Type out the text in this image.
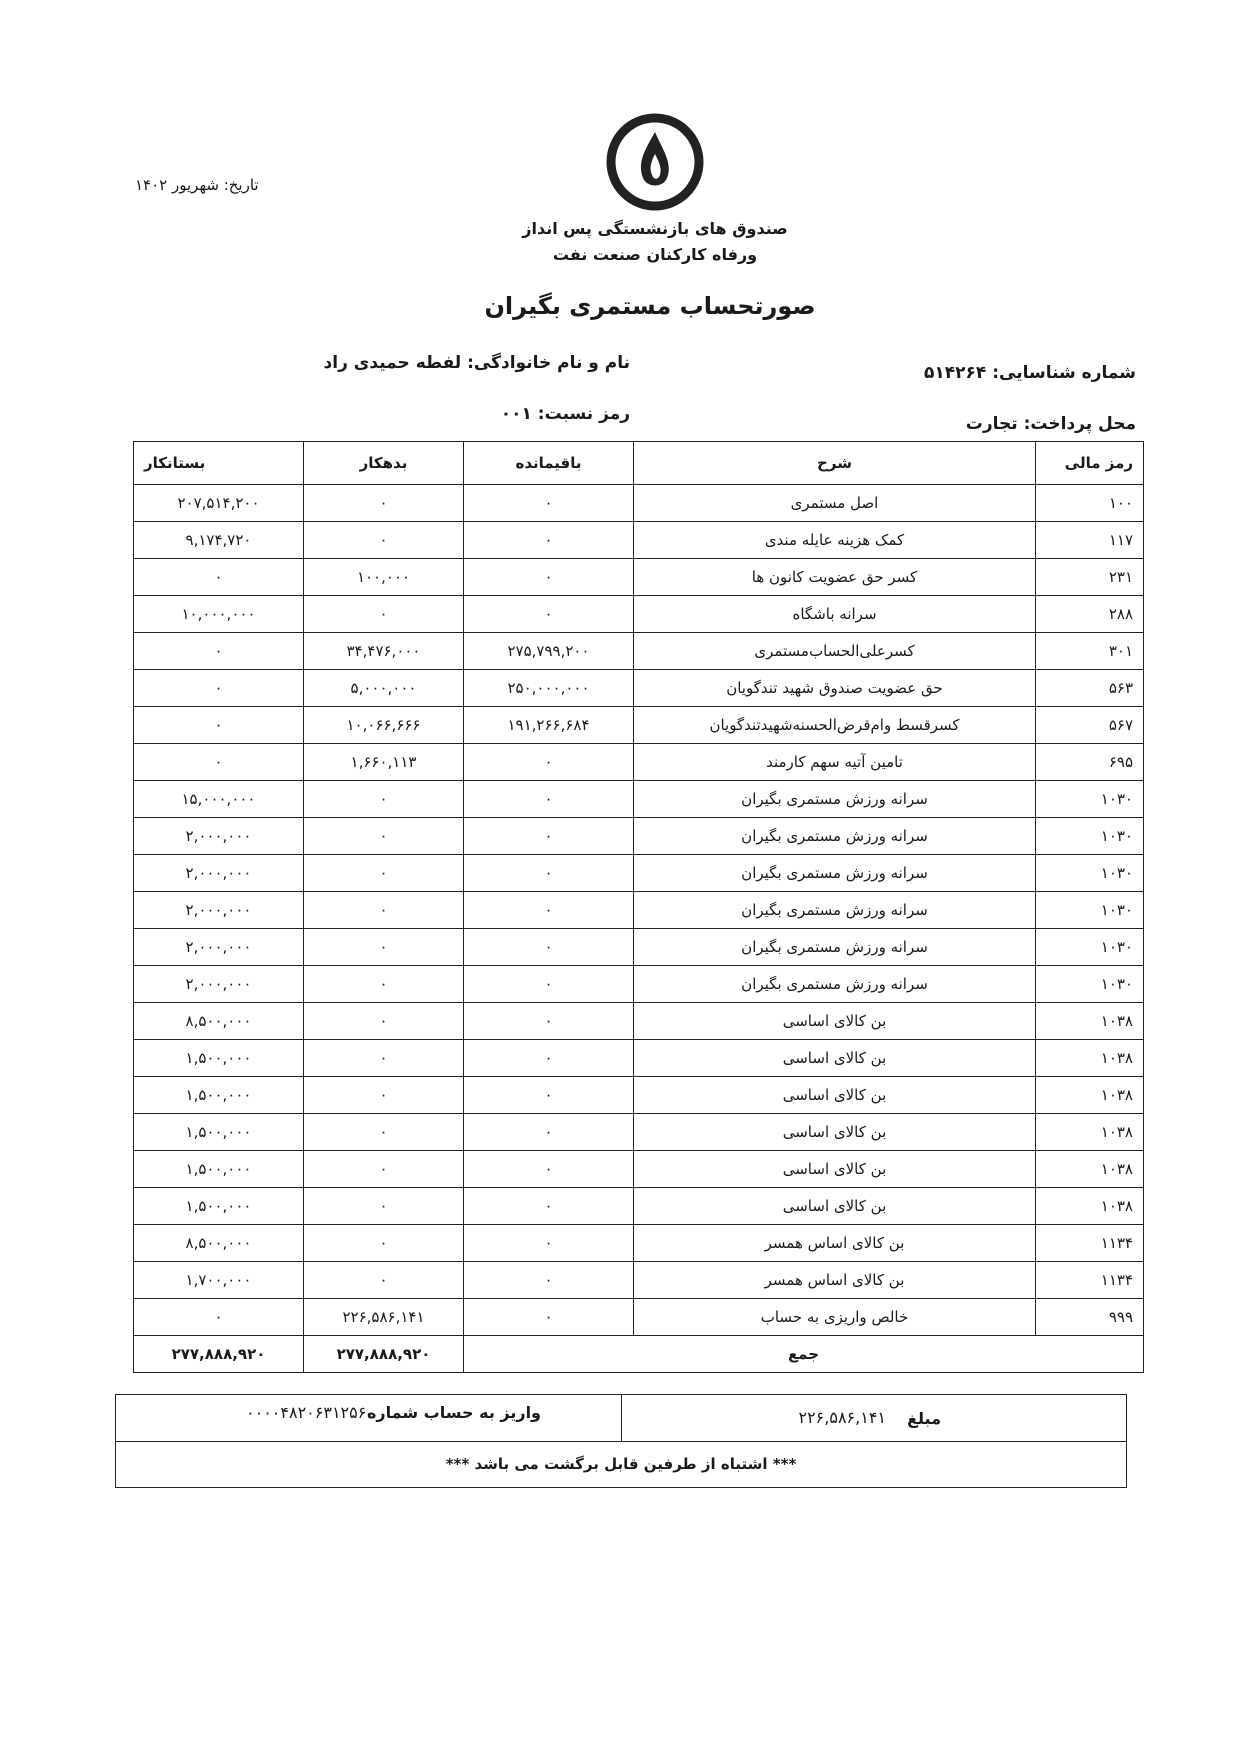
تاریخ: شهریور ۱۴۰۲
صندوق های بازنشستگی پس انداز
ورفاه کارکنان صنعت نفت
صورتحساب مستمری بگیران
شماره شناسایی: ۵۱۴۲۶۴
محل پرداخت: تجارت
نام و نام خانوادگی: لفطه حمیدی راد
رمز نسبت: ۰۰۱
رمز مالی	شرح	باقیمانده	بدهکار	بستانکار
۱۰۰	اصل مستمری	۰	۰	۲۰۷,۵۱۴,۲۰۰
۱۱۷	کمک هزینه عایله مندی	۰	۰	۹,۱۷۴,۷۲۰
۲۳۱	کسر حق عضویت کانون ها	۰	۱۰۰,۰۰۰	۰
۲۸۸	سرانه باشگاه	۰	۰	۱۰,۰۰۰,۰۰۰
۳۰۱	کسرعلی‌الحساب‌مستمری	۲۷۵,۷۹۹,۲۰۰	۳۴,۴۷۶,۰۰۰	۰
۵۶۳	حق عضویت صندوق شهید تندگویان	۲۵۰,۰۰۰,۰۰۰	۵,۰۰۰,۰۰۰	۰
۵۶۷	کسرقسط وام‌قرض‌الحسنه‌شهیدتندگویان	۱۹۱,۲۶۶,۶۸۴	۱۰,۰۶۶,۶۶۶	۰
۶۹۵	تامین آتیه سهم کارمند	۰	۱,۶۶۰,۱۱۳	۰
۱۰۳۰	سرانه ورزش مستمری بگیران	۰	۰	۱۵,۰۰۰,۰۰۰
۱۰۳۰	سرانه ورزش مستمری بگیران	۰	۰	۲,۰۰۰,۰۰۰
۱۰۳۰	سرانه ورزش مستمری بگیران	۰	۰	۲,۰۰۰,۰۰۰
۱۰۳۰	سرانه ورزش مستمری بگیران	۰	۰	۲,۰۰۰,۰۰۰
۱۰۳۰	سرانه ورزش مستمری بگیران	۰	۰	۲,۰۰۰,۰۰۰
۱۰۳۰	سرانه ورزش مستمری بگیران	۰	۰	۲,۰۰۰,۰۰۰
۱۰۳۸	بن کالای اساسی	۰	۰	۸,۵۰۰,۰۰۰
۱۰۳۸	بن کالای اساسی	۰	۰	۱,۵۰۰,۰۰۰
۱۰۳۸	بن کالای اساسی	۰	۰	۱,۵۰۰,۰۰۰
۱۰۳۸	بن کالای اساسی	۰	۰	۱,۵۰۰,۰۰۰
۱۰۳۸	بن کالای اساسی	۰	۰	۱,۵۰۰,۰۰۰
۱۰۳۸	بن کالای اساسی	۰	۰	۱,۵۰۰,۰۰۰
۱۱۳۴	بن کالای اساس همسر	۰	۰	۸,۵۰۰,۰۰۰
۱۱۳۴	بن کالای اساس همسر	۰	۰	۱,۷۰۰,۰۰۰
۹۹۹	خالص واریزی به حساب	۰	۲۲۶,۵۸۶,۱۴۱	۰
جمع			۲۷۷,۸۸۸,۹۲۰	۲۷۷,۸۸۸,۹۲۰
مبلغ
۲۲۶,۵۸۶,۱۴۱
واریز به حساب شماره
۰۰۰۰۴۸۲۰۶۳۱۲۵۶
*** اشتباه از طرفین قابل برگشت می باشد ***
